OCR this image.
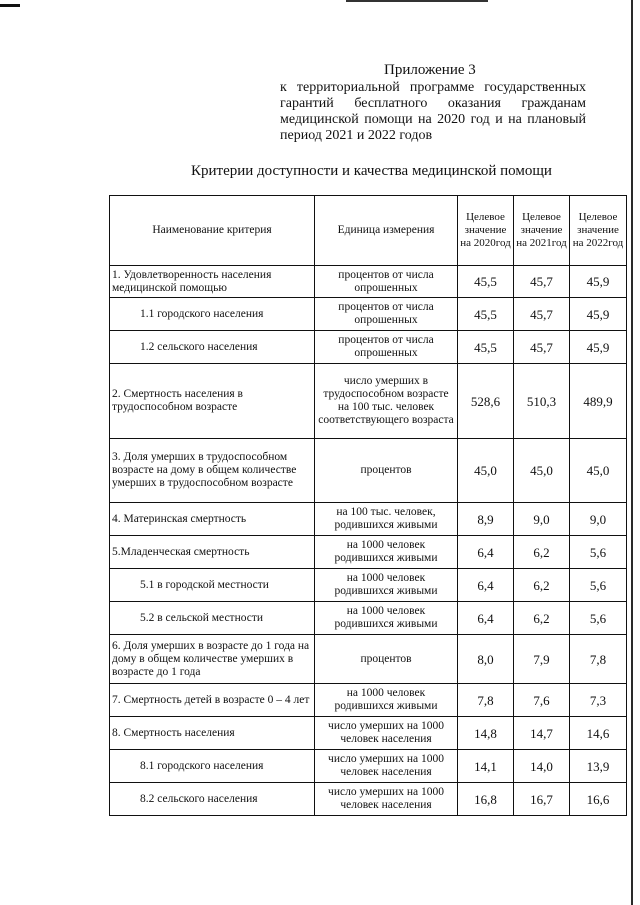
Приложение 3
к территориальной программе государственных гарантий бесплатного оказания гражданам медицинской помощи на 2020 год и на плановый период 2021 и 2022 годов
Критерии доступности и качества медицинской помощи
Наименование критерия	Единица измерения	Целевое значение на 2020год	Целевое значение на 2021год	Целевое значение на 2022год
1. Удовлетворенность населения медицинской помощью	процентов от числа опрошенных	45,5	45,7	45,9
1.1 городского населения	процентов от числа опрошенных	45,5	45,7	45,9
1.2 сельского населения	процентов от числа опрошенных	45,5	45,7	45,9
2. Смертность населения в трудоспособном возрасте	число умерших в трудоспособном возрасте на 100 тыс. человек соответствующего возраста	528,6	510,3	489,9
3. Доля умерших в трудоспособном возрасте на дому в общем количестве умерших в трудоспособном возрасте	процентов	45,0	45,0	45,0
4. Материнская смертность	на 100 тыс. человек, родившихся живыми	8,9	9,0	9,0
5.Младенческая смертность	на 1000 человек родившихся живыми	6,4	6,2	5,6
5.1 в городской местности	на 1000 человек родившихся живыми	6,4	6,2	5,6
5.2 в сельской местности	на 1000 человек родившихся живыми	6,4	6,2	5,6
6. Доля умерших в возрасте до 1 года на дому в общем количестве умерших в возрасте до 1 года	процентов	8,0	7,9	7,8
7. Смертность детей в возрасте 0 – 4 лет	на 1000 человек родившихся живыми	7,8	7,6	7,3
8. Смертность населения	число умерших на 1000 человек населения	14,8	14,7	14,6
8.1 городского населения	число умерших на 1000 человек населения	14,1	14,0	13,9
8.2 сельского населения	число умерших на 1000 человек населения	16,8	16,7	16,6
